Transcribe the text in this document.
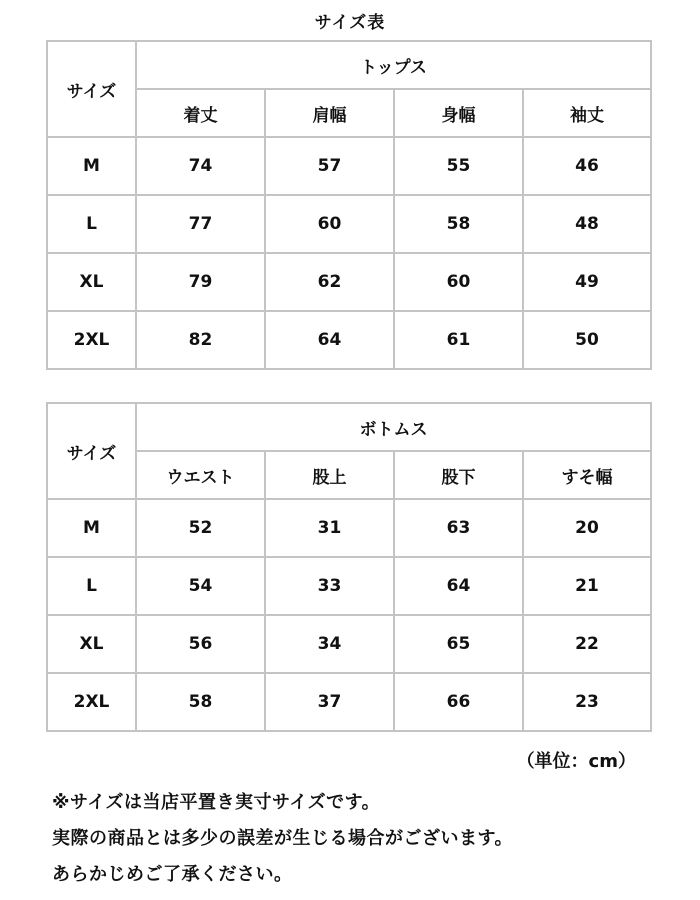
サイズ表
サイズ	トップス			
	着丈	肩幅	身幅	袖丈
M	74	57	55	46
L	77	60	58	48
XL	79	62	60	49
2XL	82	64	61	50
サイズ	ボトムス			
	ウエスト	股上	股下	すそ幅
M	52	31	63	20
L	54	33	64	21
XL	56	34	65	22
2XL	58	37	66	23
（単位：cm）
※サイズは当店平置き実寸サイズです。
実際の商品とは多少の誤差が生じる場合がございます。
あらかじめご了承ください。
